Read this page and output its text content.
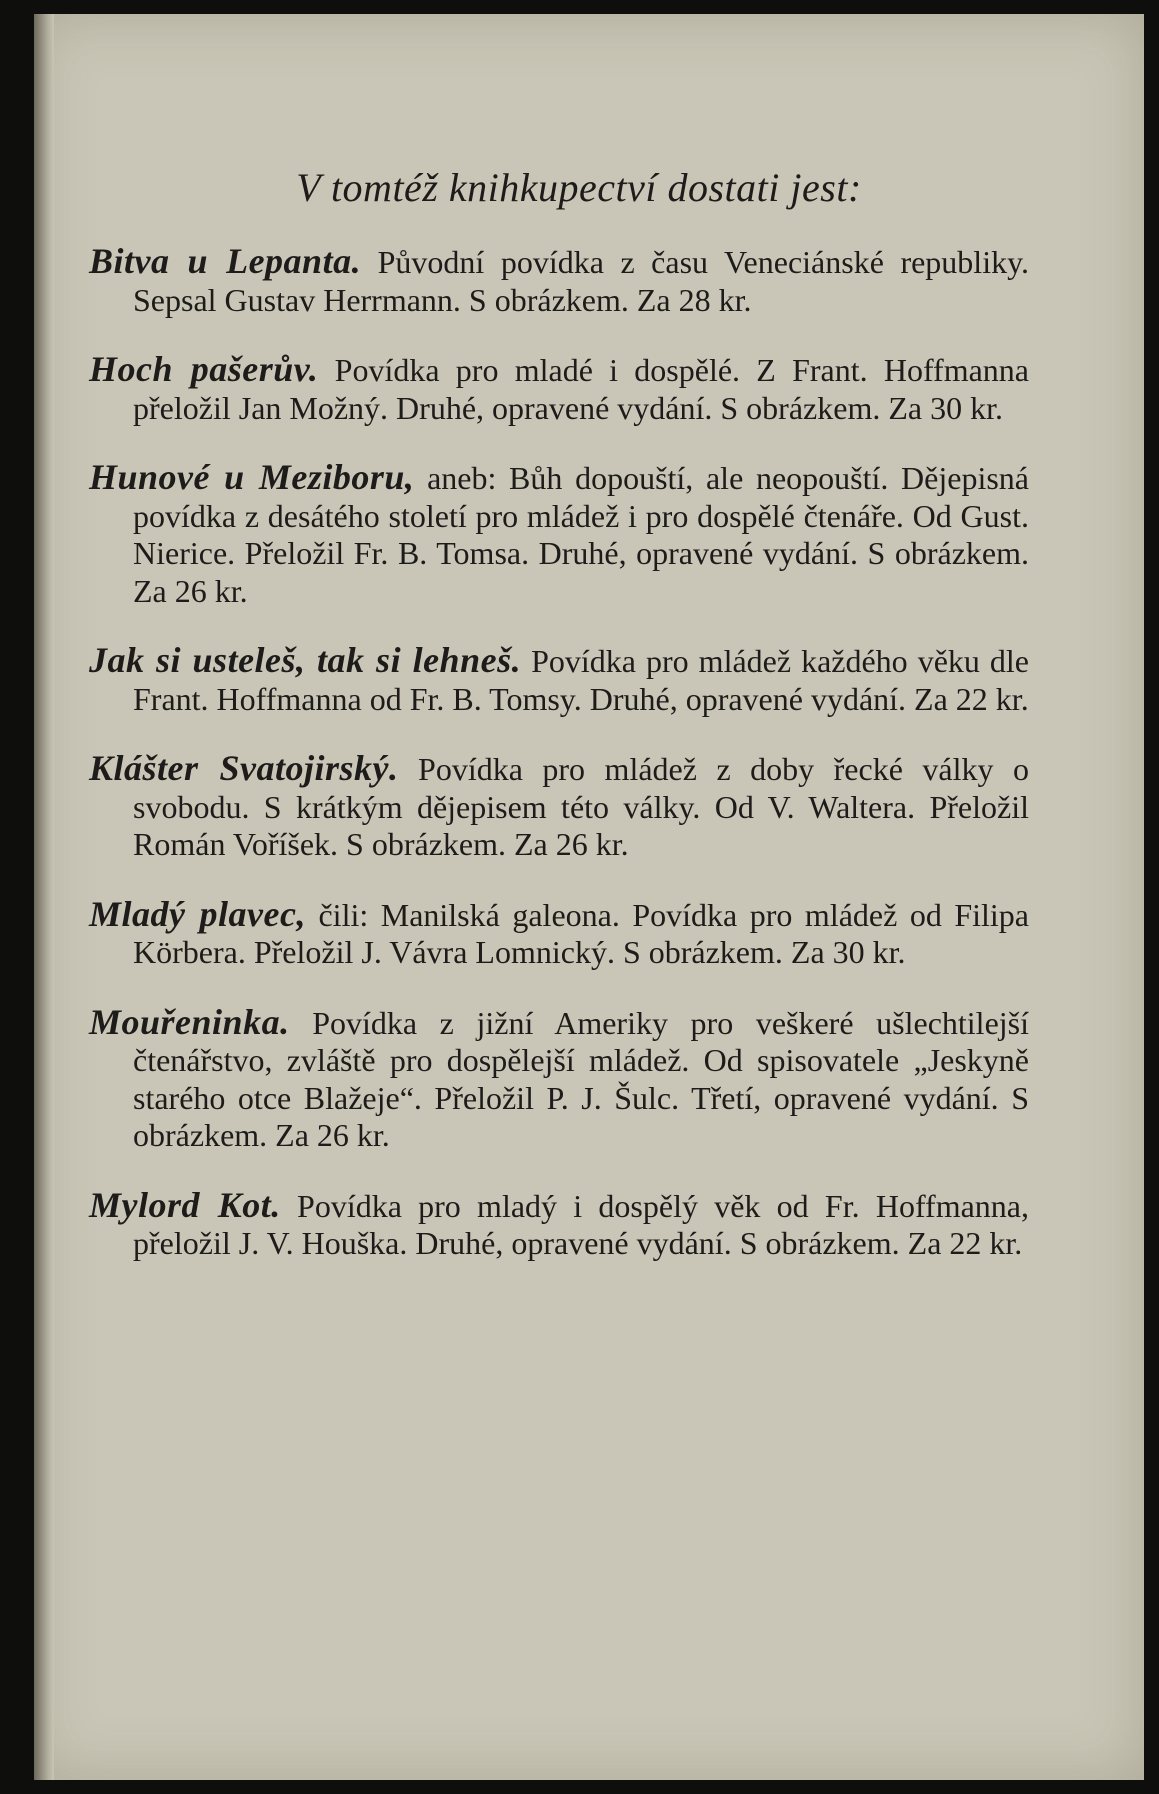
V tomtéž knihkupectví dostati jest:

Bitva u Lepanta. Původní povídka z času Veneciánské republiky. Sepsal Gustav Herrmann. S obrázkem. Za 28 kr.

Hoch pašerův. Povídka pro mladé i dospělé. Z Frant. Hoffmanna přeložil Jan Možný. Druhé, opravené vydání. S obrázkem. Za 30 kr.

Hunové u Mezіboru, aneb: Bůh dopouští, ale neopouští. Dějepisná povídka z desátého století pro mládež i pro dospělé čtenáře. Od Gust. Nierice. Přeložil Fr. B. Tomsa. Druhé, opravené vydání. S obrázkem. Za 26 kr.

Jak si usteleš, tak si lehneš. Povídka pro mládež každého věku dle Frant. Hoffmanna od Fr. B. Tomsy. Druhé, opravené vydání. Za 22 kr.

Klášter Svatojirský. Povídka pro mládež z doby řecké války o svobodu. S krátkým dějepisem této války. Od V. Waltera. Přeložil Román Voříšek. S obrázkem. Za 26 kr.

Mladý plavec, čili: Manilská galeona. Povídka pro mládež od Filipa Körbera. Přeložil J. Vávra Lomnický. S obrázkem. Za 30 kr.

Mouřeninka. Povídka z jižní Ameriky pro veškeré ušlechtilejší čtenářstvo, zvláště pro dospělejší mládež. Od spisovatele „Jeskyně starého otce Blažeje“. Přeložil P. J. Šulc. Třetí, opravené vydání. S obrázkem. Za 26 kr.

Mylord Kot. Povídka pro mladý i dospělý věk od Fr. Hoffmanna, přeložil J. V. Houška. Druhé, opravené vydání. S obrázkem. Za 22 kr.
